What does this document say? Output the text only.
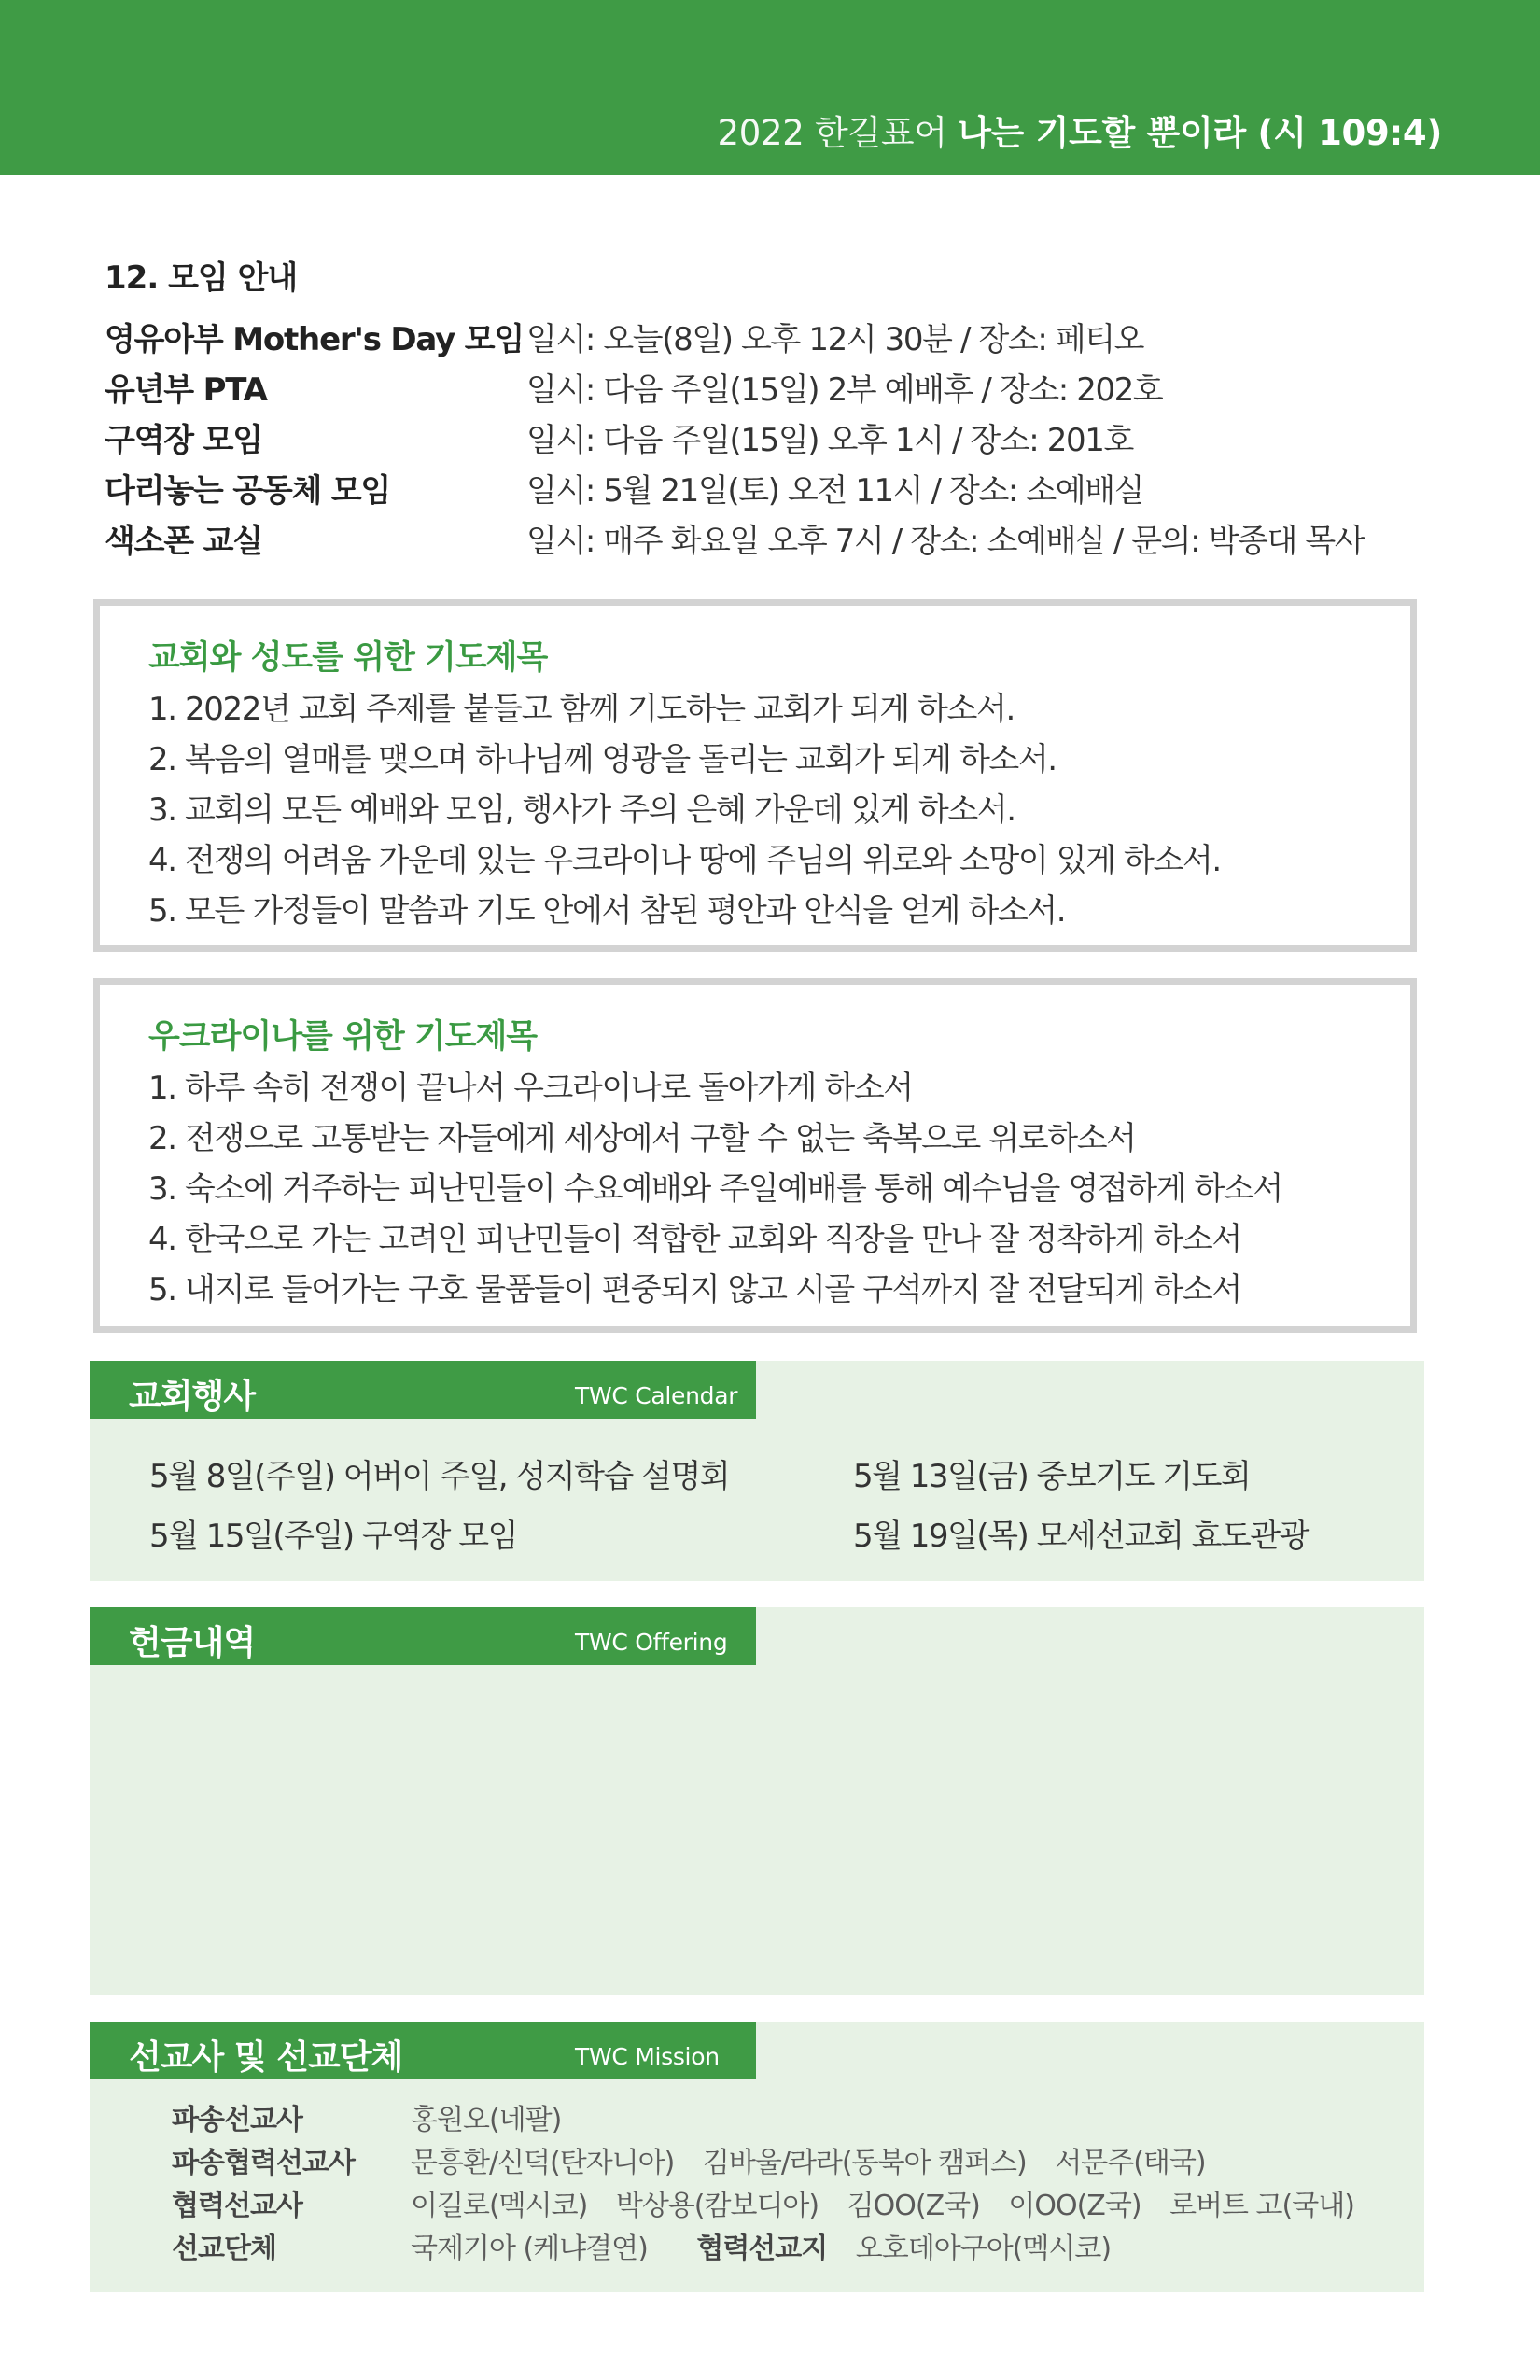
2022 한길표어 나는 기도할 뿐이라 (시 109:4)
12. 모임 안내
영유아부 Mother's Day 모임 일시: 오늘(8일) 오후 12시 30분 / 장소: 페티오
유년부 PTA	일시: 다음 주일(15일) 2부 예배후 / 장소: 202호
구역장 모임	일시: 다음 주일(15일) 오후 1시 / 장소: 201호
다리놓는 공동체 모임	일시: 5월 21일(토) 오전 11시 / 장소: 소예배실
색소폰 교실	일시: 매주 화요일 오후 7시 / 장소: 소예배실 / 문의: 박종대 목사
교회와 성도를 위한 기도제목
1. 2022년 교회 주제를 붙들고 함께 기도하는 교회가 되게 하소서.
2. 복음의 열매를 맺으며 하나님께 영광을 돌리는 교회가 되게 하소서.
3. 교회의 모든 예배와 모임, 행사가 주의 은혜 가운데 있게 하소서.
4. 전쟁의 어려움 가운데 있는 우크라이나 땅에 주님의 위로와 소망이 있게 하소서.
5. 모든 가정들이 말씀과 기도 안에서 참된 평안과 안식을 얻게 하소서.
우크라이나를 위한 기도제목
1. 하루 속히 전쟁이 끝나서 우크라이나로 돌아가게 하소서
2. 전쟁으로 고통받는 자들에게 세상에서 구할 수 없는 축복으로 위로하소서
3. 숙소에 거주하는 피난민들이 수요예배와 주일예배를 통해 예수님을 영접하게 하소서
4. 한국으로 가는 고려인 피난민들이 적합한 교회와 직장을 만나 잘 정착하게 하소서
5. 내지로 들어가는 구호 물품들이 편중되지 않고 시골 구석까지 잘 전달되게 하소서
교회행사	TWC Calendar
5월 8일(주일) 어버이 주일, 성지학습 설명회	5월 13일(금) 중보기도 기도회
5월 15일(주일) 구역장 모임	5월 19일(목) 모세선교회 효도관광
헌금내역	TWC Offering
선교사 및 선교단체	TWC Mission
파송선교사	홍원오(네팔)
파송협력선교사 문흥환/신덕(탄자니아) 김바울/라라(동북아 캠퍼스) 서문주(태국)
협력선교사	이길로(멕시코) 박상용(캄보디아) 김OO(Z국) 이OO(Z국) 로버트 고(국내)
선교단체	국제기아 (케냐결연) 협력선교지 오호데아구아(멕시코)
